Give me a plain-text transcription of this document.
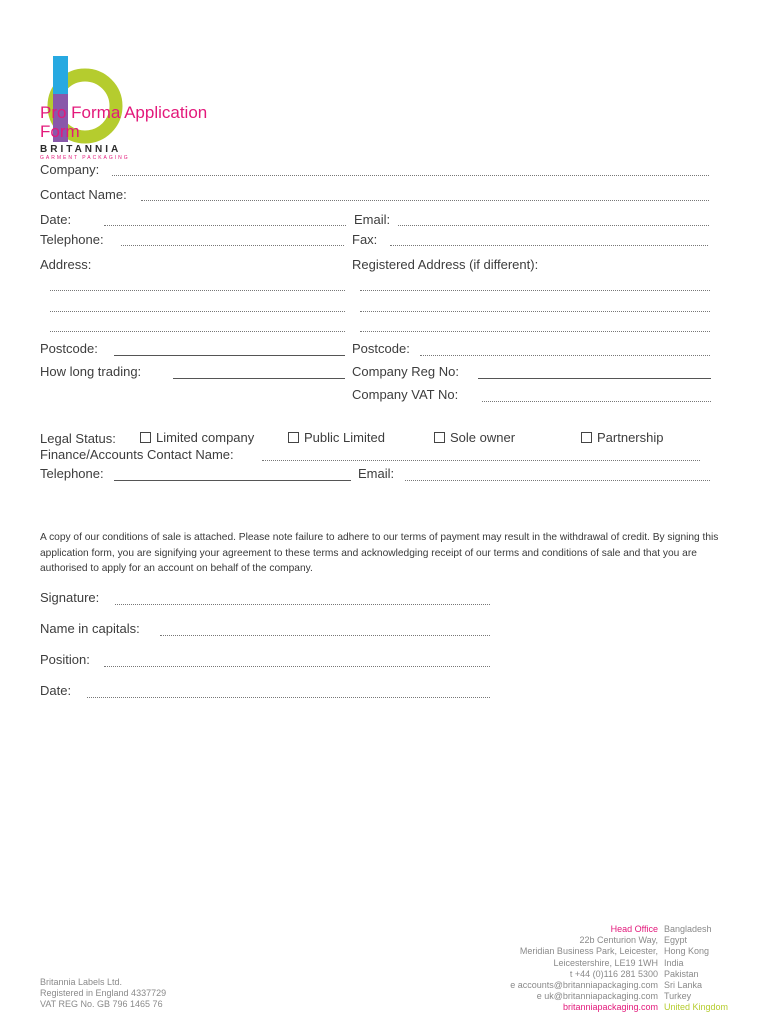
Pro Forma Application Form
BRITANNIA
GARMENT PACKAGING
Company:
Contact Name:
Date:	Email:
Telephone:	Fax:
Address:	Registered Address (if different):
Postcode:	Postcode:
How long trading:	Company Reg No:
Company VAT No:
Legal Status:	Limited company	Public Limited	Sole owner	Partnership
Finance/Accounts Contact Name:
Telephone:	Email:
A copy of our conditions of sale is attached. Please note failure to adhere to our terms of payment may result in the withdrawal of credit. By signing this application form, you are signifying your agreement to these terms and acknowledging receipt of our terms and conditions of sale and that you are authorised to apply for an account on behalf of the company.
Signature:
Name in capitals:
Position:
Date:
Britannia Labels Ltd.
Registered in England 4337729
VAT REG No. GB 796 1465 76
Head Office
22b Centurion Way,
Meridian Business Park, Leicester,
Leicestershire, LE19 1WH
t +44 (0)116 281 5300
e accounts@britanniapackaging.com
e uk@britanniapackaging.com
britanniapackaging.com
Bangladesh
Egypt
Hong Kong
India
Pakistan
Sri Lanka
Turkey
United Kingdom
